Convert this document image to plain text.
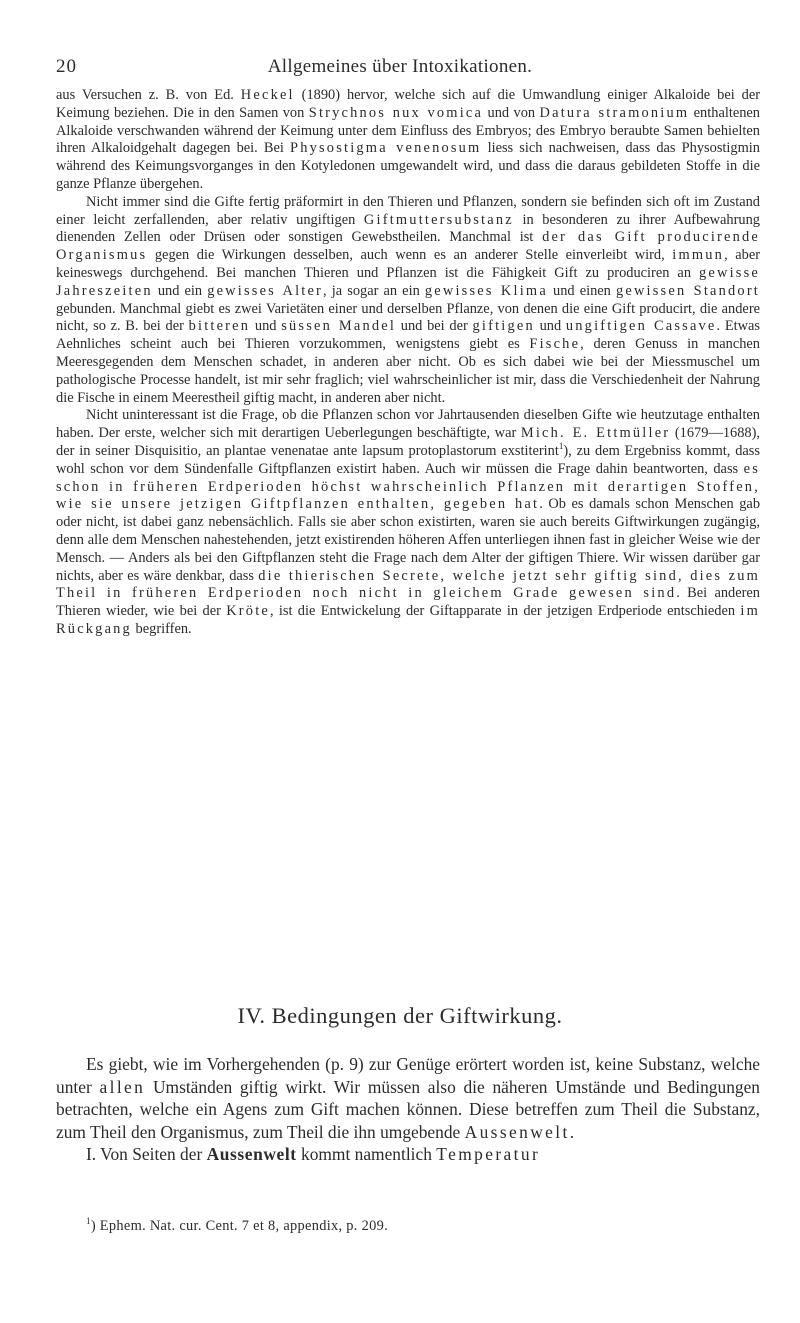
20	Allgemeines über Intoxikationen.

aus Versuchen z. B. von Ed. Heckel (1890) hervor, welche sich auf die Umwandlung einiger Alkaloide bei der Keimung beziehen. Die in den Samen von Strychnos nux vomica und von Datura stramonium enthaltenen Alkaloide verschwanden während der Keimung unter dem Einfluss des Embryos; des Embryo beraubte Samen behielten ihren Alkaloidgehalt dagegen bei. Bei Physostigma venenosum liess sich nachweisen, dass das Physostigmin während des Keimungsvorganges in den Kotyledonen umgewandelt wird, und dass die daraus gebildeten Stoffe in die ganze Pflanze übergehen.

Nicht immer sind die Gifte fertig präformirt in den Thieren und Pflanzen, sondern sie befinden sich oft im Zustand einer leicht zerfallenden, aber relativ ungiftigen Giftmuttersubstanz in besonderen zu ihrer Aufbewahrung dienenden Zellen oder Drüsen oder sonstigen Gewebstheilen. Manchmal ist der das Gift producirende Organismus gegen die Wirkungen desselben, auch wenn es an anderer Stelle einverleibt wird, immun, aber keineswegs durchgehend. Bei manchen Thieren und Pflanzen ist die Fähigkeit Gift zu produciren an gewisse Jahreszeiten und ein gewisses Alter, ja sogar an ein gewisses Klima und einen gewissen Standort gebunden. Manchmal giebt es zwei Varietäten einer und derselben Pflanze, von denen die eine Gift producirt, die andere nicht, so z. B. bei der bitteren und süssen Mandel und bei der giftigen und ungiftigen Cassave. Etwas Aehnliches scheint auch bei Thieren vorzukommen, wenigstens giebt es Fische, deren Genuss in manchen Meeresgegenden dem Menschen schadet, in anderen aber nicht. Ob es sich dabei wie bei der Miessmuschel um pathologische Processe handelt, ist mir sehr fraglich; viel wahrscheinlicher ist mir, dass die Verschiedenheit der Nahrung die Fische in einem Meerestheil giftig macht, in anderen aber nicht.

Nicht uninteressant ist die Frage, ob die Pflanzen schon vor Jahrtausenden dieselben Gifte wie heutzutage enthalten haben. Der erste, welcher sich mit derartigen Ueberlegungen beschäftigte, war Mich. E. Ettmüller (1679—1688), der in seiner Disquisitio, an plantae venenatae ante lapsum protoplastorum exstiterint$^1$), zu dem Ergebniss kommt, dass wohl schon vor dem Sündenfalle Giftpflanzen existirt haben. Auch wir müssen die Frage dahin beantworten, dass es schon in früheren Erdperioden höchst wahrscheinlich Pflanzen mit derartigen Stoffen, wie sie unsere jetzigen Giftpflanzen enthalten, gegeben hat. Ob es damals schon Menschen gab oder nicht, ist dabei ganz nebensächlich. Falls sie aber schon existirten, waren sie auch bereits Giftwirkungen zugängig, denn alle dem Menschen nahestehenden, jetzt existirenden höheren Affen unterliegen ihnen fast in gleicher Weise wie der Mensch. — Anders als bei den Giftpflanzen steht die Frage nach dem Alter der giftigen Thiere. Wir wissen darüber gar nichts, aber es wäre denkbar, dass die thierischen Secrete, welche jetzt sehr giftig sind, dies zum Theil in früheren Erdperioden noch nicht in gleichem Grade gewesen sind. Bei anderen Thieren wieder, wie bei der Kröte, ist die Entwickelung der Giftapparate in der jetzigen Erdperiode entschieden im Rückgang begriffen.

IV. Bedingungen der Giftwirkung.

Es giebt, wie im Vorhergehenden (p. 9) zur Genüge erörtert worden ist, keine Substanz, welche unter allen Umständen giftig wirkt. Wir müssen also die näheren Umstände und Bedingungen betrachten, welche ein Agens zum Gift machen können. Diese betreffen zum Theil die Substanz, zum Theil den Organismus, zum Theil die ihn umgebende Aussenwelt.

I. Von Seiten der Aussenwelt kommt namentlich Temperatur

$^1$) Ephem. Nat. cur. Cent. 7 et 8, appendix, p. 209.
